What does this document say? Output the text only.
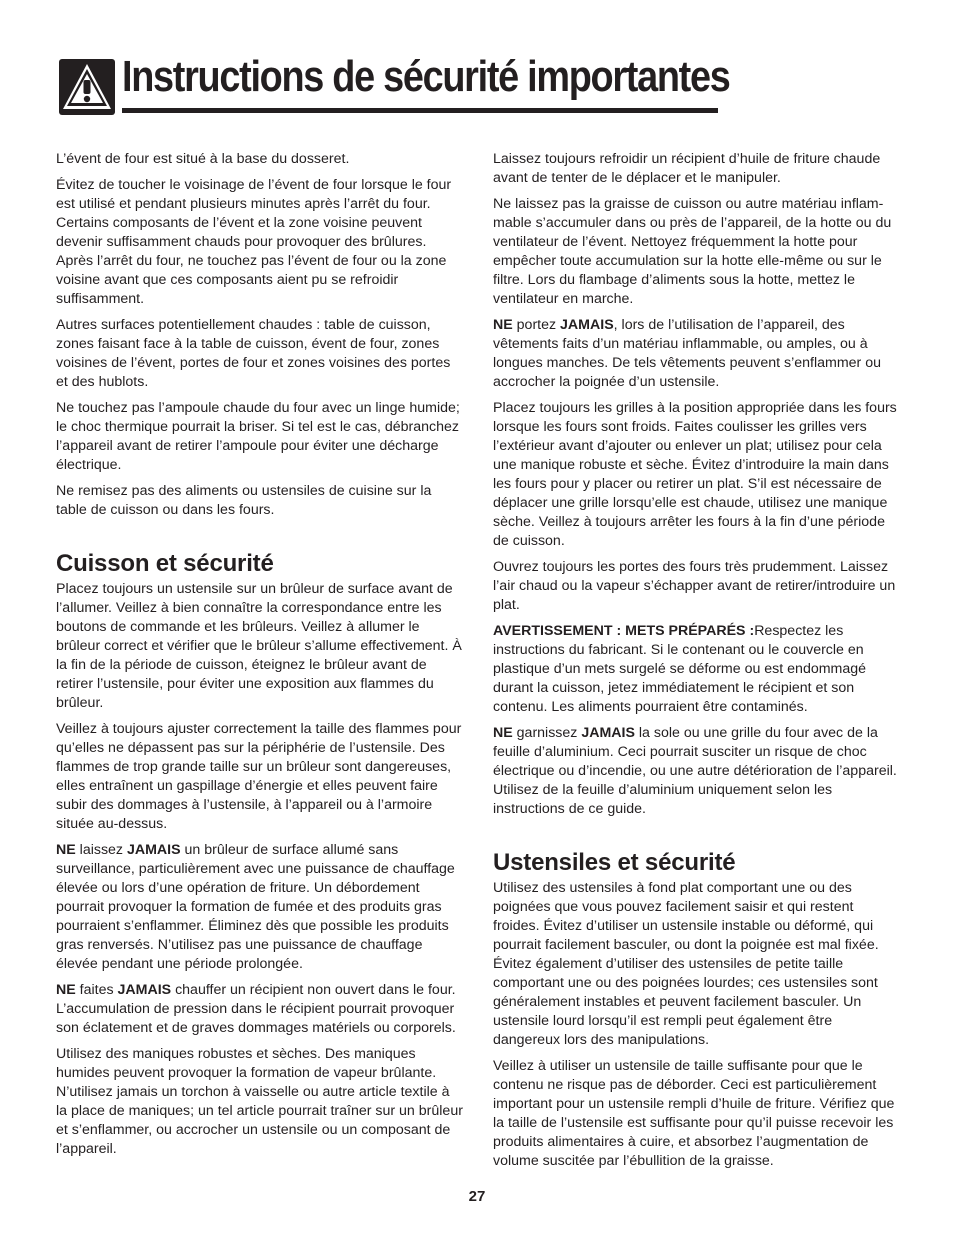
Instructions de sécurité importantes

L’évent de four est situé à la base du dosseret.

Évitez de toucher le voisinage de l’évent de four lorsque le four est utilisé et pendant plusieurs minutes après l’arrêt du four. Certains composants de l’évent et la zone voisine peuvent devenir suffisamment chauds pour provoquer des brûlures. Après l’arrêt du four, ne touchez pas l’évent de four ou la zone voisine avant que ces composants aient pu se refroidir suffisamment.

Autres surfaces potentiellement chaudes : table de cuisson, zones faisant face à la table de cuisson, évent de four, zones voisines de l’évent, portes de four et zones voisines des portes et des hublots.

Ne touchez pas l’ampoule chaude du four avec un linge humide; le choc thermique pourrait la briser. Si tel est le cas, débranchez l’appareil avant de retirer l’ampoule pour éviter une décharge électrique.

Ne remisez pas des aliments ou ustensiles de cuisine sur la table de cuisson ou dans les fours.

Cuisson et sécurité

Placez toujours un ustensile sur un brûleur de surface avant de l’allumer. Veillez à bien connaître la correspondance entre les boutons de commande et les brûleurs. Veillez à allumer le brûleur correct et vérifier que le brûleur s’allume effectivement. À la fin de la période de cuisson, éteignez le brûleur avant de retirer l’ustensile, pour éviter une exposition aux flammes du brûleur.

Veillez à toujours ajuster correctement la taille des flammes pour qu’elles ne dépassent pas sur la périphérie de l’ustensile. Des flammes de trop grande taille sur un brûleur sont dangereuses, elles entraînent un gaspillage d’énergie et elles peuvent faire subir des dommages à l’ustensile, à l’appareil ou à l’armoire située au-dessus.

NE laissez JAMAIS un brûleur de surface allumé sans surveillance, particulièrement avec une puissance de chauffage élevée ou lors d’une opération de friture. Un débordement pourrait provoquer la formation de fumée et des produits gras pourraient s’enflammer. Éliminez dès que possible les produits gras renversés. N’utilisez pas une puissance de chauffage élevée pendant une période prolongée.

NE faites JAMAIS chauffer un récipient non ouvert dans le four. L’accumulation de pression dans le récipient pourrait provoquer son éclatement et de graves dommages matériels ou corporels.

Utilisez des maniques robustes et sèches. Des maniques humides peuvent provoquer la formation de vapeur brûlante. N’utilisez jamais un torchon à vaisselle ou autre article textile à la place de maniques; un tel article pourrait traîner sur un brûleur et s’enflammer, ou accrocher un ustensile ou un composant de l’appareil.

Laissez toujours refroidir un récipient d’huile de friture chaude avant de tenter de le déplacer et le manipuler.

Ne laissez pas la graisse de cuisson ou autre matériau inflam- mable s’accumuler dans ou près de l’appareil, de la hotte ou du ventilateur de l’évent. Nettoyez fréquemment la hotte pour empêcher toute accumulation sur la hotte elle-même ou sur le filtre. Lors du flambage d’aliments sous la hotte, mettez le ventilateur en marche.

NE portez JAMAIS, lors de l’utilisation de l’appareil, des vêtements faits d’un matériau inflammable, ou amples, ou à longues manches. De tels vêtements peuvent s’enflammer ou accrocher la poignée d’un ustensile.

Placez toujours les grilles à la position appropriée dans les fours lorsque les fours sont froids. Faites coulisser les grilles vers l’extérieur avant d’ajouter ou enlever un plat; utilisez pour cela une manique robuste et sèche. Évitez d’introduire la main dans les fours pour y placer ou retirer un plat. S’il est nécessaire de déplacer une grille lorsqu’elle est chaude, utilisez une manique sèche. Veillez à toujours arrêter les fours à la fin d’une période de cuisson.

Ouvrez toujours les portes des fours très prudemment. Laissez l’air chaud ou la vapeur s’échapper avant de retirer/introduire un plat.

AVERTISSEMENT : METS PRÉPARÉS :Respectez les instructions du fabricant. Si le contenant ou le couvercle en plastique d’un mets surgelé se déforme ou est endommagé durant la cuisson, jetez immédiatement le récipient et son contenu. Les aliments pourraient être contaminés.

NE garnissez JAMAIS la sole ou une grille du four avec de la feuille d’aluminium. Ceci pourrait susciter un risque de choc électrique ou d’incendie, ou une autre détérioration de l’appareil. Utilisez de la feuille d’aluminium uniquement selon les instructions de ce guide.

Ustensiles et sécurité

Utilisez des ustensiles à fond plat comportant une ou des poignées que vous pouvez facilement saisir et qui restent froides. Évitez d’utiliser un ustensile instable ou déformé, qui pourrait facilement basculer, ou dont la poignée est mal fixée. Évitez également d’utiliser des ustensiles de petite taille comportant une ou des poignées lourdes; ces ustensiles sont généralement instables et peuvent facilement basculer. Un ustensile lourd lorsqu’il est rempli peut également être dangereux lors des manipulations.

Veillez à utiliser un ustensile de taille suffisante pour que le contenu ne risque pas de déborder. Ceci est particulièrement important pour un ustensile rempli d’huile de friture. Vérifiez que la taille de l’ustensile est suffisante pour qu’il puisse recevoir les produits alimentaires à cuire, et absorbez l’augmentation de volume suscitée par l’ébullition de la graisse.

27
